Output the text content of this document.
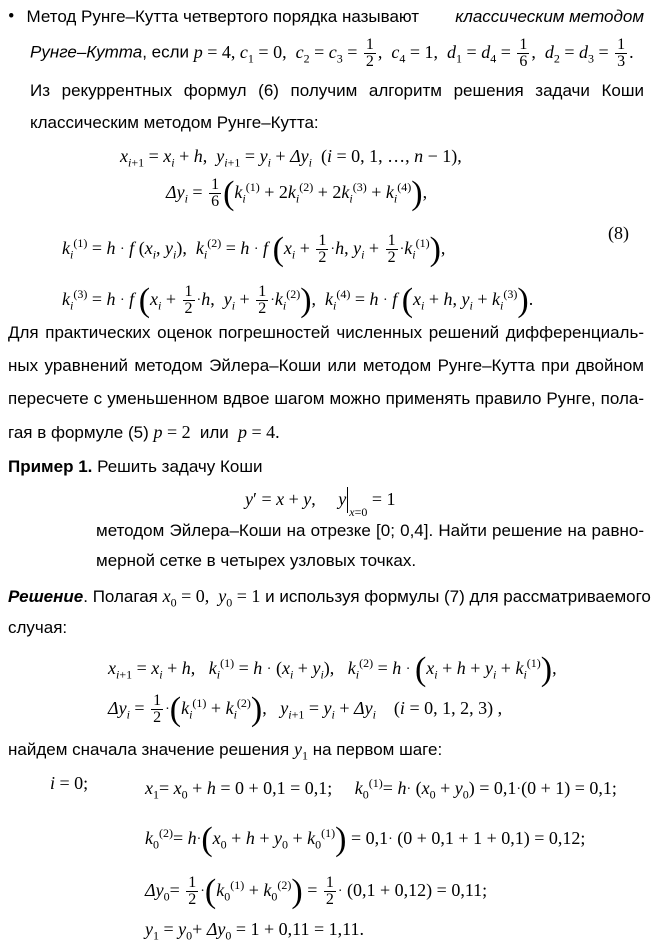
• Метод Рунге–Кутта четвертого порядка называют классическим методом
Рунге–Кутта, если p = 4, $c_1 = 0$,  $c_2 = c_3 = \frac{1}{2}$ ,  $c_4 = 1$,  $d_1 = d_4 = \frac{1}{6}$ ,  $d_2 = d_3 = \frac{1}{3}$ .
Из рекуррентных формул (6) получим алгоритм решения задачи Коши
классическим методом Рунге–Кутта:
$x_{i+1} = x_i + h$,  $y_{i+1} = y_i + \Delta y_i$  (i = 0, 1, …, n − 1),
$\Delta y_i = \frac{1}{6} (k_i^{(1)} + 2k_i^{(2)} + 2k_i^{(3)} + k_i^{(4)})$,
$k_i^{(1)} = h \cdot f$ ($x_i$, $y_i$),  $k_i^{(2)} = h \cdot f$ ($x_i + \frac{1}{2} \cdot h$, $y_i + \frac{1}{2} \cdot k_i^{(1)}$),
(8)
$k_i^{(3)} = h \cdot f$ ($x_i + \frac{1}{2} \cdot h$,  $y_i + \frac{1}{2} \cdot k_i^{(2)}$),  $k_i^{(4)} = h \cdot f$ ($x_i + h$, $y_i + k_i^{(3)}$).
Для практических оценок погрешностей численных решений дифференциаль-
ных уравнений методом Эйлера–Коши или методом Рунге–Кутта при двойном
пересчете с уменьшенном вдвое шагом можно применять правило Рунге, пола-
гая в формуле (5) p = 2  или  p = 4.
Пример 1. Решить задачу Коши
y′ = x + y,     $y_{x=0} = 1$
методом Эйлера–Коши на отрезке [0; 0,4]. Найти решение на равно-
мерной сетке в четырех узловых точках.
Решение. Полагая $x_0 = 0$,  $y_0 = 1$ и используя формулы (7) для рассматриваемого
случая:
$x_{i+1} = x_i + h$,   $k_i^{(1)} = h \cdot (x_i + y_i)$,   $k_i^{(2)} = h \cdot (x_i + h + y_i + k_i^{(1)})$,
$\Delta y_i = \frac{1}{2} \cdot(k_i^{(1)} + k_i^{(2)})$,   $y_{i+1} = y_i + \Delta y_i$    (i = 0, 1, 2, 3) ,
найдем сначала значение решения $y_1$ на первом шаге:
i = 0;	$x_1= x_0 + h = 0 + 0,1 = 0,1$;     $k_0^{(1)}= h\cdot (x_0 + y_0) = 0,1\cdot(0 + 1) = 0,1$;
$k_0^{(2)}= h\cdot(x_0 + h + y_0 + k_0^{(1)}) = 0,1\cdot (0 + 0,1 + 1 + 0,1) = 0,12$;
$\Delta y_0= \frac{1}{2} \cdot(k_0^{(1)} + k_0^{(2)}) = \frac{1}{2} \cdot (0,1 + 0,12) = 0,11$;
$y_1 = y_0+ \Delta y_0 = 1 + 0,11 = 1,11$.
